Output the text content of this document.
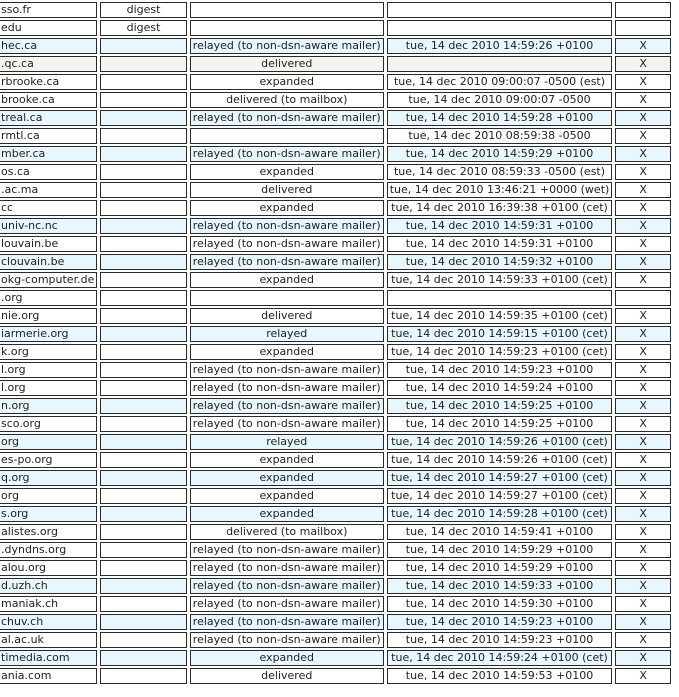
sso.fr	digest			
edu	digest			
hec.ca		relayed (to non-dsn-aware mailer)	tue, 14 dec 2010 14:59:26 +0100	X
.qc.ca		delivered		X
rbrooke.ca		expanded	tue, 14 dec 2010 09:00:07 -0500 (est)	X
brooke.ca		delivered (to mailbox)	tue, 14 dec 2010 09:00:07 -0500	X
treal.ca		relayed (to non-dsn-aware mailer)	tue, 14 dec 2010 14:59:28 +0100	X
rmtl.ca			tue, 14 dec 2010 08:59:38 -0500	X
mber.ca		relayed (to non-dsn-aware mailer)	tue, 14 dec 2010 14:59:29 +0100	X
os.ca		expanded	tue, 14 dec 2010 08:59:33 -0500 (est)	X
.ac.ma		delivered	tue, 14 dec 2010 13:46:21 +0000 (wet)	X
cc		expanded	tue, 14 dec 2010 16:39:38 +0100 (cet)	X
univ-nc.nc		relayed (to non-dsn-aware mailer)	tue, 14 dec 2010 14:59:31 +0100	X
louvain.be		relayed (to non-dsn-aware mailer)	tue, 14 dec 2010 14:59:31 +0100	X
clouvain.be		relayed (to non-dsn-aware mailer)	tue, 14 dec 2010 14:59:32 +0100	X
okg-computer.de		expanded	tue, 14 dec 2010 14:59:33 +0100 (cet)	X
.org				
nie.org		delivered	tue, 14 dec 2010 14:59:35 +0100 (cet)	X
iarmerie.org		relayed	tue, 14 dec 2010 14:59:15 +0100 (cet)	X
k.org		expanded	tue, 14 dec 2010 14:59:23 +0100 (cet)	X
l.org		relayed (to non-dsn-aware mailer)	tue, 14 dec 2010 14:59:23 +0100	X
l.org		relayed (to non-dsn-aware mailer)	tue, 14 dec 2010 14:59:24 +0100	X
n.org		relayed (to non-dsn-aware mailer)	tue, 14 dec 2010 14:59:25 +0100	X
sco.org		relayed (to non-dsn-aware mailer)	tue, 14 dec 2010 14:59:25 +0100	X
org		relayed	tue, 14 dec 2010 14:59:26 +0100 (cet)	X
es-po.org		expanded	tue, 14 dec 2010 14:59:26 +0100 (cet)	X
q.org		expanded	tue, 14 dec 2010 14:59:27 +0100 (cet)	X
org		expanded	tue, 14 dec 2010 14:59:27 +0100 (cet)	X
s.org		expanded	tue, 14 dec 2010 14:59:28 +0100 (cet)	X
alistes.org		delivered (to mailbox)	tue, 14 dec 2010 14:59:41 +0100	X
.dyndns.org		relayed (to non-dsn-aware mailer)	tue, 14 dec 2010 14:59:29 +0100	X
alou.org		relayed (to non-dsn-aware mailer)	tue, 14 dec 2010 14:59:29 +0100	X
d.uzh.ch		relayed (to non-dsn-aware mailer)	tue, 14 dec 2010 14:59:33 +0100	X
maniak.ch		relayed (to non-dsn-aware mailer)	tue, 14 dec 2010 14:59:30 +0100	X
chuv.ch		relayed (to non-dsn-aware mailer)	tue, 14 dec 2010 14:59:23 +0100	X
al.ac.uk		relayed (to non-dsn-aware mailer)	tue, 14 dec 2010 14:59:23 +0100	X
timedia.com		expanded	tue, 14 dec 2010 14:59:24 +0100 (cet)	X
ania.com		delivered	tue, 14 dec 2010 14:59:53 +0100	X
